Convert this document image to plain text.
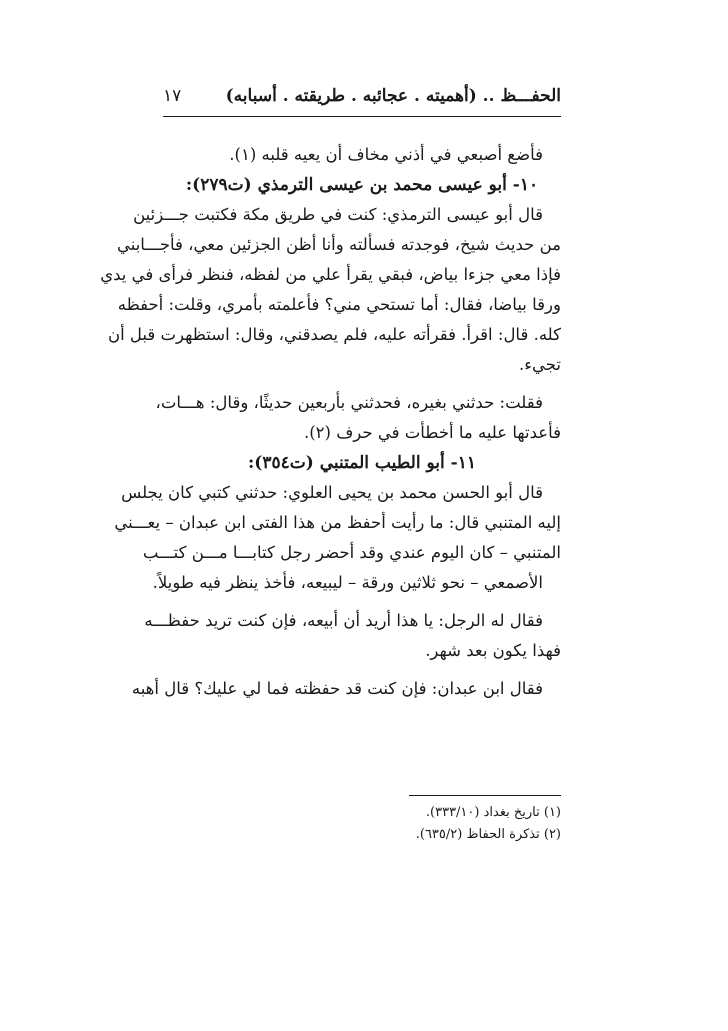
الحفـــظ .. (أهميته . عجائبه . طريقته . أسبابه)
١٧
فأضع أصبعي في أذني مخاف أن يعيه قلبه (١).
١٠- أبو عيسى محمد بن عيسى الترمذي (ت٢٧٩):
قال أبو عيسى الترمذي: كنت في طريق مكة فكتبت جـــزئين
من حديث شيخ، فوجدته فسألته وأنا أظن الجزئين معي، فأجـــابني
فإذا معي جزءا بياض، فبقي يقرأ علي من لفظه، فنظر فرأى في يدي
ورقا بياضا، فقال: أما تستحي مني؟ فأعلمته بأمري، وقلت: أحفظه
كله. قال: اقرأ. فقرأته عليه، فلم يصدقني، وقال: استظهرت قبل أن
تجيء.
فقلت: حدثني بغيره، فحدثني بأربعين حديثًا، وقال: هـــات،
فأعدتها عليه ما أخطأت في حرف (٢).
١١- أبو الطيب المتنبي (ت٣٥٤):
قال أبو الحسن محمد بن يحيى العلوي: حدثني كتبي كان يجلس
إليه المتنبي قال: ما رأيت أحفظ من هذا الفتى ابن عبدان – يعـــني
المتنبي – كان اليوم عندي وقد أحضر رجل كتابـــا مـــن كتـــب
الأصمعي – نحو ثلاثين ورقة – ليبيعه، فأخذ ينظر فيه طويلاً.
فقال له الرجل: يا هذا أريد أن أبيعه، فإن كنت تريد حفظـــه
فهذا يكون بعد شهر.
فقال ابن عبدان: فإن كنت قد حفظته فما لي عليك؟ قال أهبه
(١) تاريخ بغداد (٣٣٣/١٠).
(٢) تذكرة الحفاظ (٦٣٥/٢).
